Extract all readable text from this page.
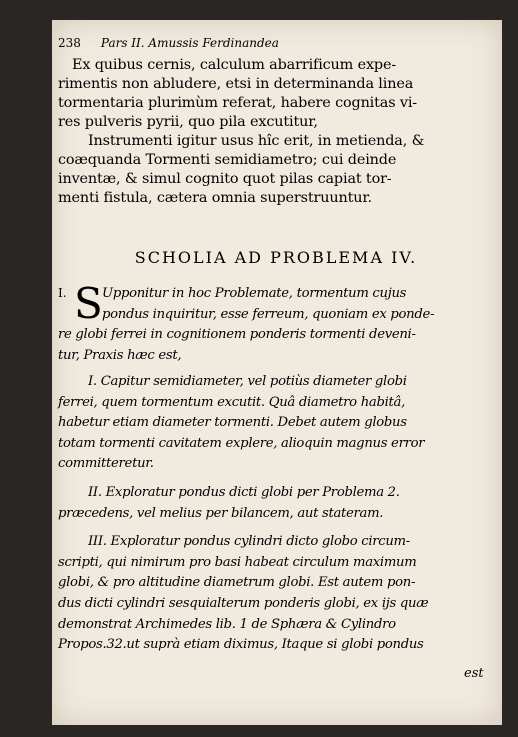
238 Pars II. Amussis Ferdinandea
Ex quibus cernis, calculum abarrificum expe-
rimentis non abludere, etsi in determinanda linea
tormentaria plurimùm referat, habere cognitas vi-
res pulveris pyrii, quo pila excutitur,
Instrumenti igitur usus hîc erit, in metienda, &
coæquanda Tormenti semidiametro; cui deinde
inventæ, & simul cognito quot pilas capiat tor-
menti fistula, cætera omnia superstruuntur.
SCHOLIA AD PROBLEMA IV.
I. S Upponitur in hoc Problemate, tormentum cujus
pondus inquiritur, esse ferreum, quoniam ex ponde-
re globi ferrei in cognitionem ponderis tormenti deveni-
tur, Praxis hæc est,
I. Capitur semidiameter, vel potiùs diameter globi
ferrei, quem tormentum excutit. Quâ diametro habitâ,
habetur etiam diameter tormenti. Debet autem globus
totam tormenti cavitatem explere, alioquin magnus error
committeretur.
II. Exploratur pondus dicti globi per Problema 2.
præcedens, vel melius per bilancem, aut stateram.
III. Exploratur pondus cylindri dicto globo circum-
scripti, qui nimirum pro basi habeat circulum maximum
globi, & pro altitudine diametrum globi. Est autem pon-
dus dicti cylindri sesquialterum ponderis globi, ex ijs quæ
demonstrat Archimedes lib. 1 de Sphæra & Cylindro
Propos.32.ut suprà etiam diximus, Itaque si globi pondus
est
